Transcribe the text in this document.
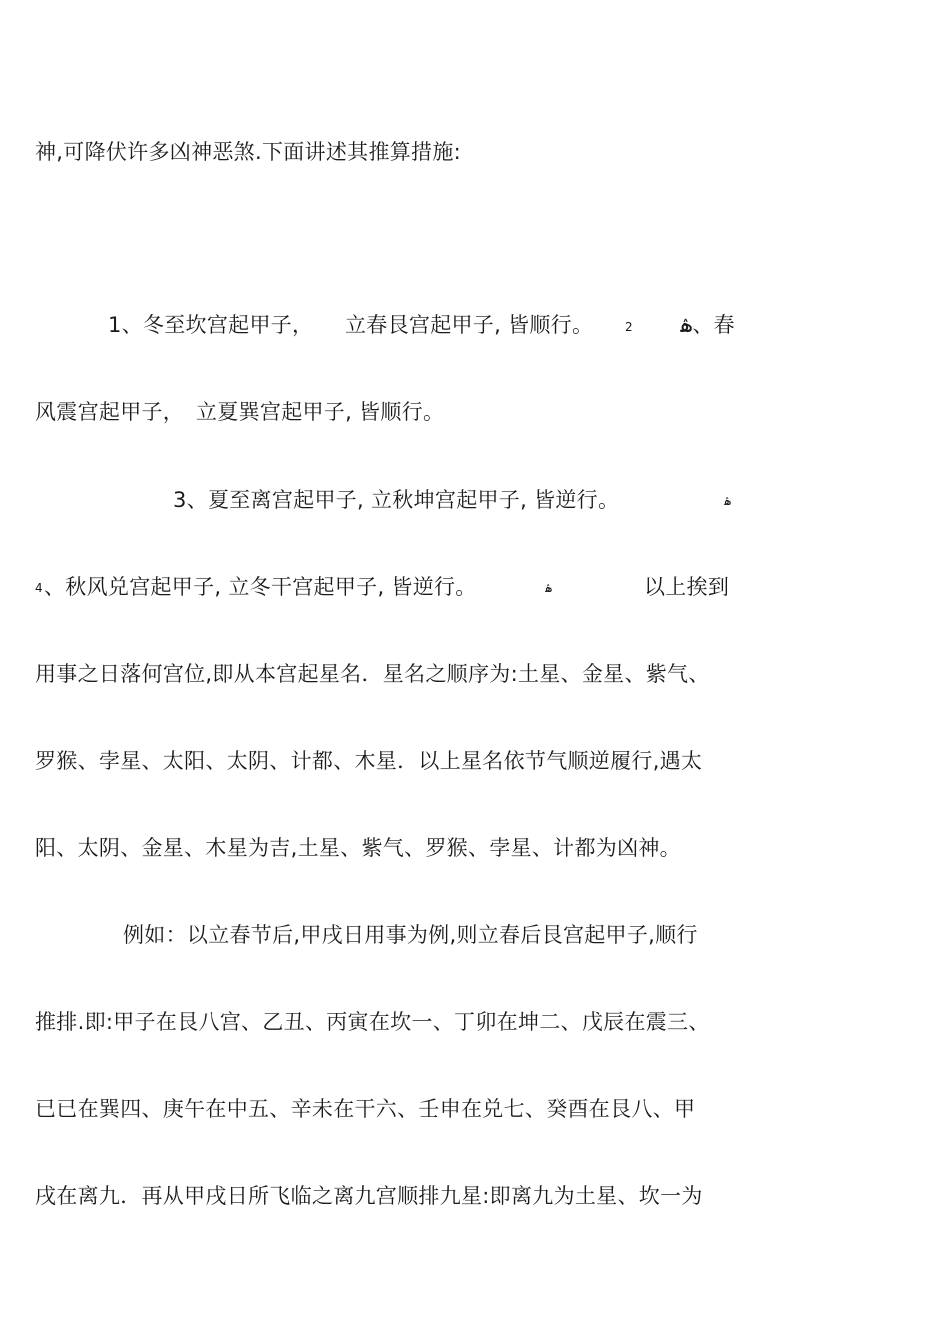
神,可降伏许多凶神恶煞.下面讲述其推算措施:
1、冬至坎宫起甲子， 立春艮宫起甲子, 皆顺行。	2 ۿ、春
风震宫起甲子， 立夏巽宫起甲子, 皆顺行。
3、夏至离宫起甲子, 立秋坤宫起甲子, 皆逆行。	ۿ
4 、秋风兑宫起甲子, 立冬干宫起甲子, 皆逆行。	ۿ	以上挨到
用事之日落何宫位,即从本宫起星名．星名之顺序为:土星、金星、紫气、
罗猴、孛星、太阳、太阴、计都、木星．以上星名依节气顺逆履行,遇太
阳、太阴、金星、木星为吉,土星、紫气、罗猴、孛星、计都为凶神。
例如：以立春节后,甲戌日用事为例,则立春后艮宫起甲子,顺行
推排.即:甲子在艮八宫、乙丑、丙寅在坎一、丁卯在坤二、戊辰在震三、
已已在巽四、庚午在中五、辛未在干六、壬申在兑七、癸酉在艮八、甲
戌在离九．再从甲戌日所飞临之离九宫顺排九星:即离九为土星、坎一为
